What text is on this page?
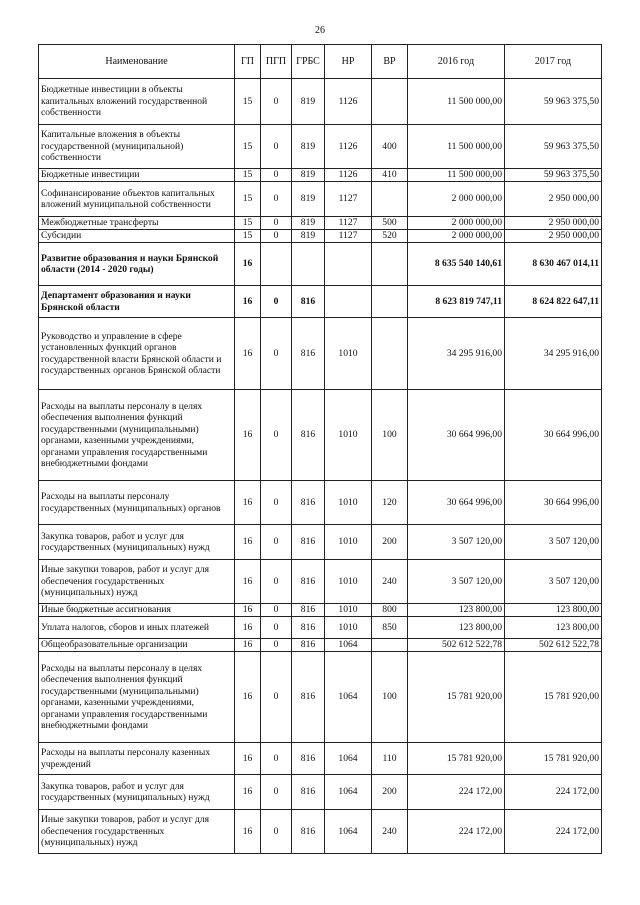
26
Наименование	ГП	ПГП	ГРБС	НР	ВР	2016 год	2017 год
Бюджетные инвестиции в объекты капитальных вложений государственной собственности	15	0	819	1126		11 500 000,00	59 963 375,50
Капитальные вложения в объекты государственной (муниципальной) собственности	15	0	819	1126	400	11 500 000,00	59 963 375,50
Бюджетные инвестиции	15	0	819	1126	410	11 500 000,00	59 963 375,50
Софинансирование объектов капитальных вложений муниципальной собственности	15	0	819	1127		2 000 000,00	2 950 000,00
Межбюджетные трансферты	15	0	819	1127	500	2 000 000,00	2 950 000,00
Субсидии	15	0	819	1127	520	2 000 000,00	2 950 000,00
Развитие образования и науки Брянской области (2014 - 2020 годы)	16					8 635 540 140,61	8 630 467 014,11
Департамент образования и науки Брянской области	16	0	816			8 623 819 747,11	8 624 822 647,11
Руководство и управление в сфере установленных функций органов государственной власти Брянской области и государственных органов Брянской области	16	0	816	1010		34 295 916,00	34 295 916,00
Расходы на выплаты персоналу в целях обеспечения выполнения функций государственными (муниципальными) органами, казенными учреждениями, органами управления государственными внебюджетными фондами	16	0	816	1010	100	30 664 996,00	30 664 996,00
Расходы на выплаты персоналу государственных (муниципальных) органов	16	0	816	1010	120	30 664 996,00	30 664 996,00
Закупка товаров, работ и услуг для государственных (муниципальных) нужд	16	0	816	1010	200	3 507 120,00	3 507 120,00
Иные закупки товаров, работ и услуг для обеспечения государственных (муниципальных) нужд	16	0	816	1010	240	3 507 120,00	3 507 120,00
Иные бюджетные ассигнования	16	0	816	1010	800	123 800,00	123 800,00
Уплата налогов, сборов и иных платежей	16	0	816	1010	850	123 800,00	123 800,00
Общеобразовательные организации	16	0	816	1064		502 612 522,78	502 612 522,78
Расходы на выплаты персоналу в целях обеспечения выполнения функций государственными (муниципальными) органами, казенными учреждениями, органами управления государственными внебюджетными фондами	16	0	816	1064	100	15 781 920,00	15 781 920,00
Расходы на выплаты персоналу казенных учреждений	16	0	816	1064	110	15 781 920,00	15 781 920,00
Закупка товаров, работ и услуг для государственных (муниципальных) нужд	16	0	816	1064	200	224 172,00	224 172,00
Иные закупки товаров, работ и услуг для обеспечения государственных (муниципальных) нужд	16	0	816	1064	240	224 172,00	224 172,00
